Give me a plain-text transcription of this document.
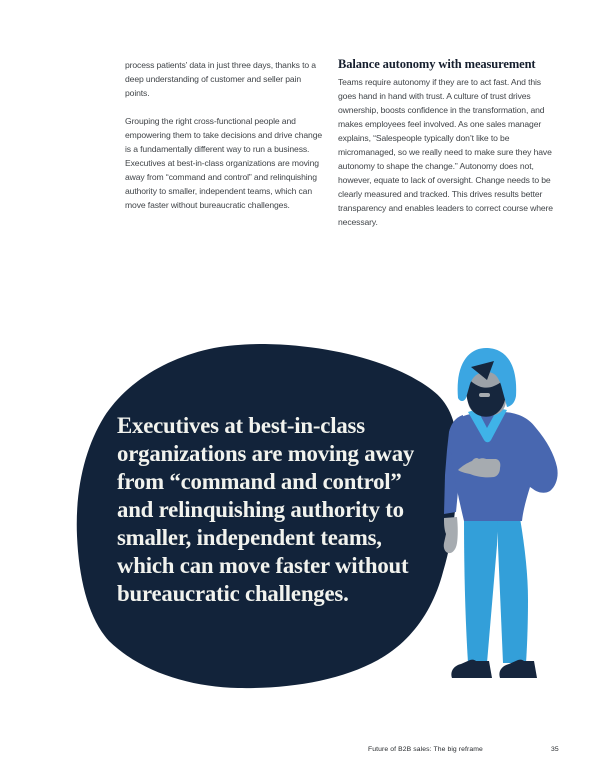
process patients’ data in just three days, thanks to a deep understanding of customer and seller pain points.

Grouping the right cross-functional people and empowering them to take decisions and drive change is a fundamentally different way to run a business. Executives at best-in-class organizations are moving away from “command and control” and relinquishing authority to smaller, independent teams, which can move faster without bureaucratic challenges.

Balance autonomy with measurement

Teams require autonomy if they are to act fast. And this goes hand in hand with trust. A culture of trust drives ownership, boosts confidence in the transformation, and makes employees feel involved. As one sales manager explains, “Salespeople typically don’t like to be micromanaged, so we really need to make sure they have autonomy to shape the change.” Autonomy does not, however, equate to lack of oversight. Change needs to be clearly measured and tracked. This drives results better transparency and enables leaders to correct course where necessary.

Executives at best-in-class
organizations are moving away
from “command and control”
and relinquishing authority to
smaller, independent teams,
which can move faster without
bureaucratic challenges.
Future of B2B sales: The big reframe	35
